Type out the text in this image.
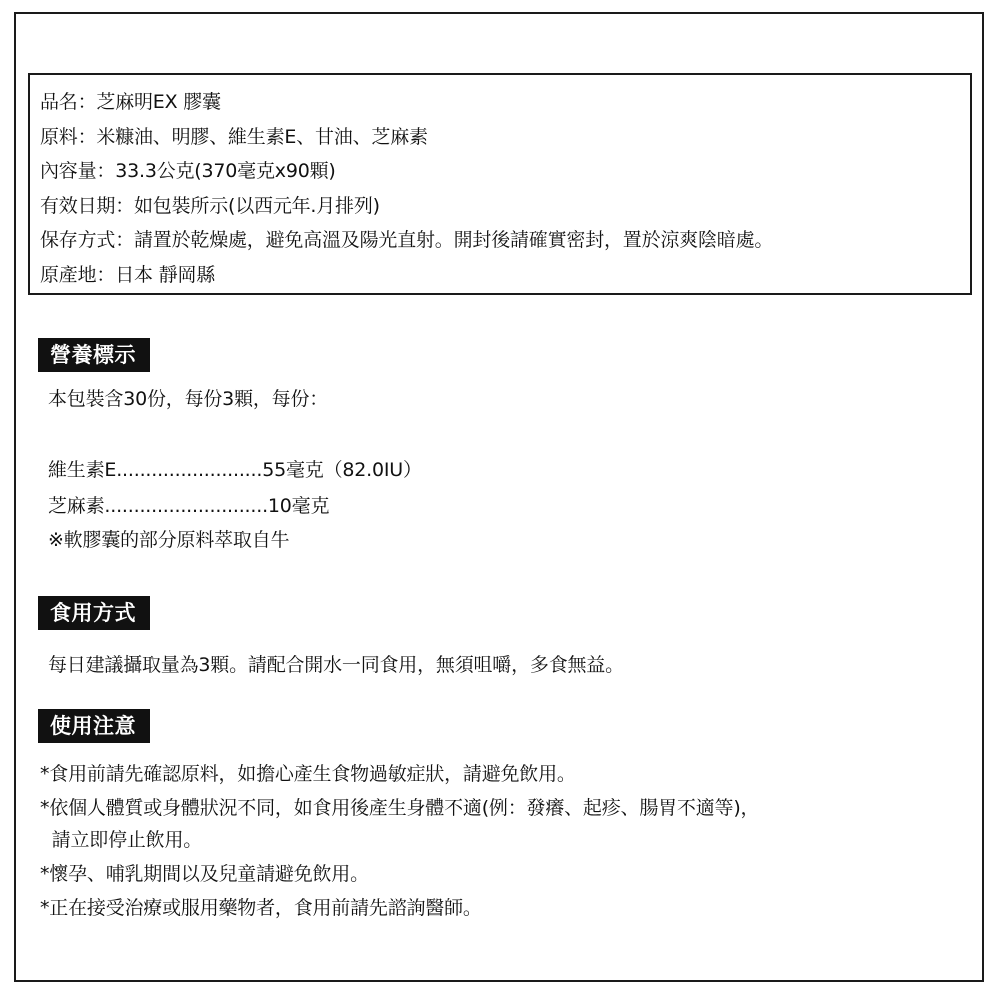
品名：芝麻明EX 膠囊
原料：米糠油、明膠、維生素E、甘油、芝麻素
內容量：33.3公克(370毫克x90顆)
有效日期：如包裝所示(以西元年.月排列)
保存方式：請置於乾燥處，避免高溫及陽光直射。開封後請確實密封，置於涼爽陰暗處。
原產地：日本 靜岡縣
營養標示
本包裝含30份，每份3顆，每份：
維生素E.........................55毫克（82.0IU）
芝麻素............................10毫克
※軟膠囊的部分原料萃取自牛
食用方式
每日建議攝取量為3顆。請配合開水一同食用，無須咀嚼，多食無益。
使用注意
*食用前請先確認原料，如擔心產生食物過敏症狀，請避免飲用。
*依個人體質或身體狀況不同，如食用後產生身體不適(例：發癢、起疹、腸胃不適等)，
請立即停止飲用。
*懷孕、哺乳期間以及兒童請避免飲用。
*正在接受治療或服用藥物者，食用前請先諮詢醫師。
